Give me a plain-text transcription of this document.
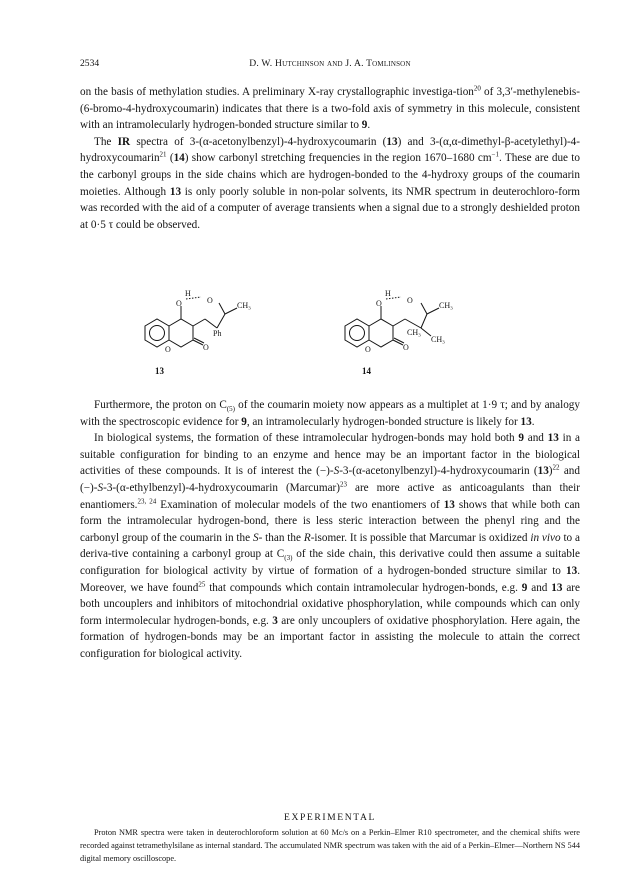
2534	D. W. Hutchinson and J. A. Tomlinson

on the basis of methylation studies. A preliminary X-ray crystallographic investiga-tion$^{20}$ of 3,3′-methylenebis-(6-bromo-4-hydroxycoumarin) indicates that there is a two-fold axis of symmetry in this molecule, consistent with an intramolecularly hydrogen-bonded structure similar to 9.

The IR spectra of 3-(α-acetonylbenzyl)-4-hydroxycoumarin (13) and 3-(α,α-dimethyl-β-acetylethyl)-4-hydroxycoumarin$^{21}$ (14) show carbonyl stretching frequencies in the region 1670–1680 $cm^{-1}$. These are due to the carbonyl groups in the side chains which are hydrogen-bonded to the 4-hydroxy groups of the coumarin moieties. Although 13 is only poorly soluble in non-polar solvents, its NMR spectrum in deuterochloro-form was recorded with the aid of a computer of average transients when a signal due to a strongly deshielded proton at 0·5 τ could be observed.

O
H
O
CH₃
Ph
O	O
13
O
H
O
CH₃
CH₃
CH₃
O	O
14

Furthermore, the proton on $C_{(5)}$ of the coumarin moiety now appears as a multiplet at 1·9 τ; and by analogy with the spectroscopic evidence for 9, an intramolecularly hydrogen-bonded structure is likely for 13.

In biological systems, the formation of these intramolecular hydrogen-bonds may hold both 9 and 13 in a suitable configuration for binding to an enzyme and hence may be an important factor in the biological activities of these compounds. It is of interest the (−)-S-3-(α-acetonylbenzyl)-4-hydroxycoumarin $(13)^{22}$ and (−)-S-3-(α-ethylbenzyl)-4-hydroxycoumarin (Marcumar)$^{23}$ are more active as anticoagulants than their enantiomers.$^{23, 24}$ Examination of molecular models of the two enantiomers of 13 shows that while both can form the intramolecular hydrogen-bond, there is less steric interaction between the phenyl ring and the carbonyl group of the coumarin in the S- than the R-isomer. It is possible that Marcumar is oxidized in vivo to a deriva-tive containing a carbonyl group at $C_{(3)}$ of the side chain, this derivative could then assume a suitable configuration for biological activity by virtue of formation of a hydrogen-bonded structure similar to 13. Moreover, we have found$^{25}$ that compounds which contain intramolecular hydrogen-bonds, e.g. 9 and 13 are both uncouplers and inhibitors of mitochondrial oxidative phosphorylation, while compounds which can only form intermolecular hydrogen-bonds, e.g. 3 are only uncouplers of oxidative phosphorylation. Here again, the formation of hydrogen-bonds may be an important factor in assisting the molecule to attain the correct configuration for biological activity.

EXPERIMENTAL

Proton NMR spectra were taken in deuterochloroform solution at 60 Mc/s on a Perkin–Elmer R10 spectrometer, and the chemical shifts were recorded against tetramethylsilane as internal standard. The accumulated NMR spectrum was taken with the aid of a Perkin–Elmer—Northern NS 544 digital memory oscilloscope.
